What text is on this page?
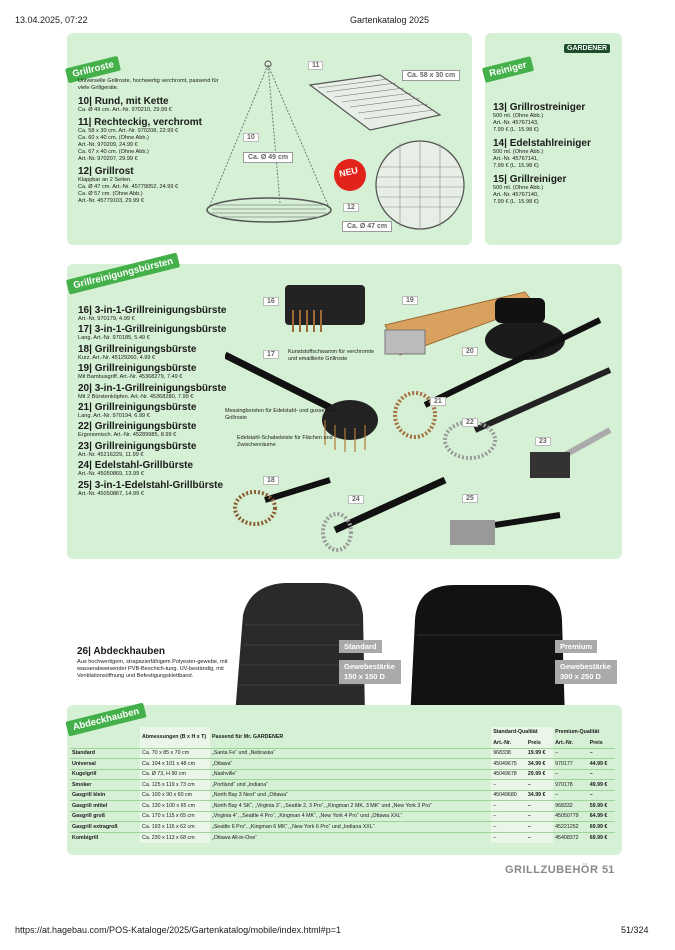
13.04.2025, 07:22	Gartenkatalog 2025
Grillroste
Universelle Grillroste, hochwertig verchromt, passend für viele Grillgeräte.
10| Rund, mit Kette
Ca. Ø 49 cm. Art.-Nr. 970210, 29.99 €
11| Rechteckig, verchromt
Ca. 58 x 30 cm. Art.-Nr. 970208, 22.99 €
Ca. 60 x 40 cm. (Ohne Abb.)
Art.-Nr. 970209, 24.99 €
Ca. 67 x 40 cm. (Ohne Abb.)
Art.-Nr. 970207, 29.99 €
12| Grillrost
Klappbar an 2 Seiten.
Ca. Ø 47 cm. Art.-Nr. 45779052, 24.99 €
Ca. Ø 57 cm. (Ohne Abb.)
Art.-Nr. 45779103, 29.99 €
NEU
10
11
12
Ca. 58 x 30 cm
Ca. Ø 49 cm
Ca. Ø 47 cm
Reiniger
GARDENER
13| Grillrostreiniger
500 ml. (Ohne Abb.)
Art.-Nr. 45767143,
7.99 € (L. 15.98 €)
14| Edelstahlreiniger
500 ml. (Ohne Abb.)
Art.-Nr. 45767141,
7.99 € (L. 15.98 €)
15| Grillreiniger
500 ml. (Ohne Abb.)
Art.-Nr. 45767140,
7.99 € (L. 15.98 €)
Grillreinigungsbürsten
16| 3-in-1-Grillreinigungsbürste
Art.-Nr. 970179, 4.99 €
17| 3-in-1-Grillreinigungsbürste
Lang. Art.-Nr. 970185, 5.49 €
18| Grillreinigungsbürste
Kurz. Art.-Nr. 45129260, 4.99 €
19| Grillreinigungsbürste
Mit Bambusgriff. Art.-Nr. 45368279, 7.49 €
20| 3-in-1-Grillreinigungsbürste
Mit 2 Bürstenköpfen. Art.-Nr. 45368280, 7.99 €
21| Grillreinigungsbürste
Lang. Art.-Nr. 970194, 6.99 €
22| Grillreinigungsbürste
Ergonomisch. Art.-Nr. 45289985, 8.99 €
23| Grillreinigungsbürste
Art.-Nr. 45216229, 11.99 €
24| Edelstahl-Grillbürste
Art.-Nr. 45050869, 13.99 €
25| 3-in-1-Edelstahl-Grillbürste
Art.-Nr. 45050867, 14.99 €
16
17
18
19
20
21
22
23
24	25
Kunststoffschwamm für verchromte und emaillierte Grillroste
Messingborsten für Edelstahl- und gusseiserne Grillroste
Edelstahl-Schabeleiste für Flächen und Zwischenräume
Standard
Gewebestärke 150 x 150 D
Premium
Gewebestärke 300 x 250 D
26| Abdeckhauben
Aus hochwertigem, strapazierfähigem Polyester-gewebe, mit wasserabweisender PVB-Beschich-tung. UV-beständig, mit Ventilationsöffnung und Befestigungsklettband.
Abdeckhauben
	Abmessungen (B x H x T)	Passend für Mr. GARDENER	Standard-Qualität		Premium-Qualität	
			Art.-Nr.	Preis	Art.-Nr.	Preis
Standard	Ca. 70 x 85 x 70 cm	„Santa Fe“ und „Nebraska“	968338	19.99 €	–	–
Universal	Ca. 104 x 101 x 48 cm	„Ottawa“	45049675	34.99 €	970177	44.99 €
Kugelgrill	Ca. Ø 73, H 90 cm	„Nashville“	45049678	29.99 €	–	–
Smoker	Ca. 125 x 119 x 73 cm	„Portland“ und „Indiana“	–	–	970178	49.99 €
Gasgrill klein	Ca. 100 x 90 x 60 cm	„North Bay 3 Next“ und „Ottawa“	45049680	34.99 €	–	–
Gasgrill mittel	Ca. 130 x 100 x 65 cm	„North Bay 4 SK“, „Virginia 3“, „Seattle 2, 3 Pro“, „Kingman 2 MK, 3 MK“ und „New York 3 Pro“	–	–	968332	59.99 €
Gasgrill groß	Ca. 170 x 115 x 65 cm	„Virginia 4“, „Seattle 4 Pro“, „Kingman 4 MK“, „New York 4 Pro“ und „Ottawa XXL“	–	–	45050779	64.99 €
Gasgrill extragroß	Ca. 193 x 116 x 62 cm	„Seattle 6 Pro“, „Kingman 6 MK“, „New York 6 Pro“ und „Indiana XXL“	–	–	45221252	69.99 €
Kombigrill	Ca. 230 x 113 x 68 cm	„Ottawa All-in-One“	–	–	45408372	69.99 €
GRILLZUBEHÖR 51
https://at.hagebau.com/POS-Kataloge/2025/Gartenkatalog/mobile/index.html#p=1	51/324
